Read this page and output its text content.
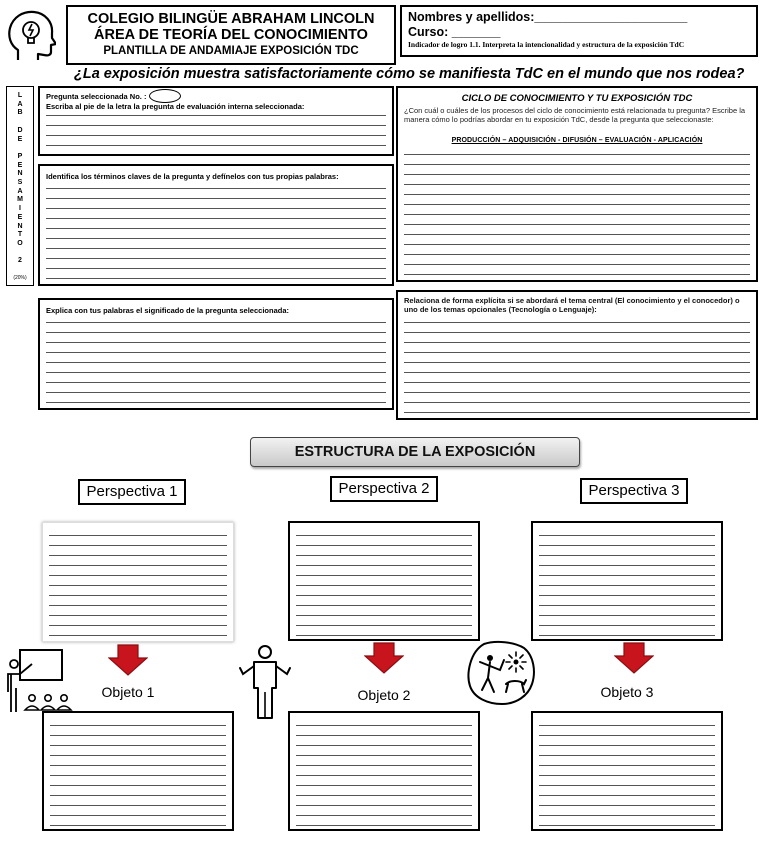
COLEGIO BILINGÜE ABRAHAM LINCOLN
ÁREA DE TEORÍA DEL CONOCIMIENTO
PLANTILLA DE ANDAMIAJE EXPOSICIÓN TDC
Nombres y apellidos:______________________
Curso: _______
Indicador de logro 1.1. Interpreta la intencionalidad y estructura de la exposición TdC
¿La exposición muestra satisfactoriamente cómo se manifiesta TdC en el mundo que nos rodea?
L
A
B

D
E

P
E
N
S
A
M
I
E
N
T
O

2
(20%)
Pregunta seleccionada No. :
Escriba al pie de la letra la pregunta de evaluación interna seleccionada:
Identifica los términos claves de la pregunta y defínelos con tus propias palabras:
Explica con tus palabras el significado de la pregunta seleccionada:
CICLO DE CONOCIMIENTO Y TU EXPOSICIÓN TDC
¿Con cuál o cuáles de los procesos del ciclo de conocimiento está relacionada tu pregunta? Escribe la manera cómo lo podrías abordar en tu exposición TdC, desde la pregunta que seleccionaste:
PRODUCCIÓN – ADQUISICIÓN - DIFUSIÓN – EVALUACIÓN - APLICACIÓN
Relaciona de forma explícita si se abordará el tema central (El conocimiento y el conocedor) o uno de los temas opcionales (Tecnología o Lenguaje):
ESTRUCTURA DE LA EXPOSICIÓN
Perspectiva 1	Perspectiva 2	Perspectiva 3
Objeto 1	Objeto 2	Objeto 3
